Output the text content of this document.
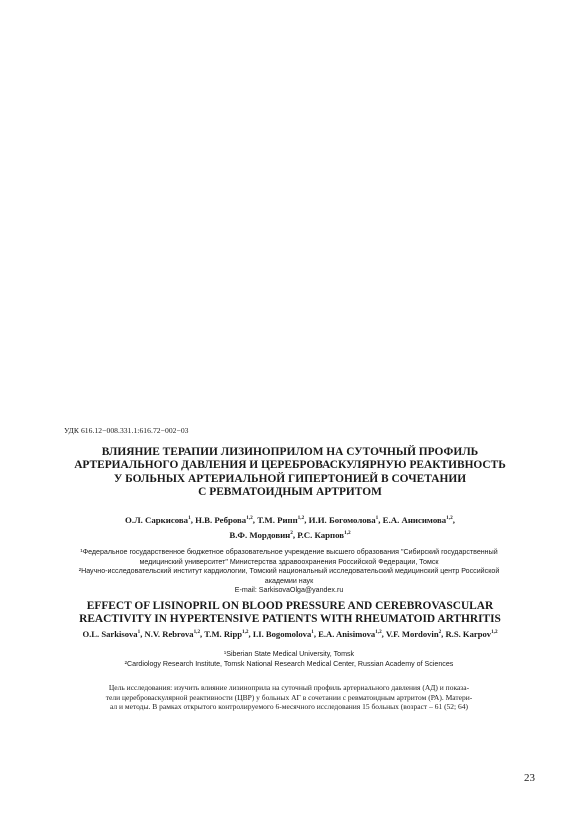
УДК 616.12−008.331.1:616.72−002−03
ВЛИЯНИЕ ТЕРАПИИ ЛИЗИНОПРИЛОМ НА СУТОЧНЫЙ ПРОФИЛЬ
АРТЕРИАЛЬНОГО ДАВЛЕНИЯ И ЦЕРЕБРОВАСКУЛЯРНУЮ РЕАКТИВНОСТЬ
У БОЛЬНЫХ АРТЕРИАЛЬНОЙ ГИПЕРТОНИЕЙ В СОЧЕТАНИИ
С РЕВМАТОИДНЫМ АРТРИТОМ
О.Л. Саркисова$^1$, Н.В. Реброва$^{1,2}$, Т.М. Рипп$^{1,2}$, И.И. Богомолова$^1$, Е.А. Анисимова$^{1,2}$,
В.Ф. Мордовин$^2$, Р.С. Карпов$^{1,2}$
¹Федеральное государственное бюджетное образовательное учреждение высшего образования "Сибирский государственный
медицинский университет" Министерства здравоохранения Российской Федерации, Томск
²Научно-исследовательский институт кардиологии, Томский национальный исследовательский медицинский центр Российской
академии наук
E-mail: SarkisovaOlga@yandex.ru
EFFECT OF LISINOPRIL ON BLOOD PRESSURE AND CEREBROVASCULAR
REACTIVITY IN HYPERTENSIVE PATIENTS WITH RHEUMATOID ARTHRITIS
O.L. Sarkisova$^1$, N.V. Rebrova$^{1,2}$, T.M. Ripp$^{1,2}$, I.I. Bogomolova$^1$, E.A. Anisimova$^{1,2}$, V.F. Mordovin$^2$, R.S. Karpov$^{1,2}$
¹Siberian State Medical University, Tomsk
²Cardiology Research Institute, Tomsk National Research Medical Center, Russian Academy of Sciences
Цель исследования: изучить влияние лизиноприла на суточный профиль артериального давления (АД) и показа-
тели цереброваскулярной реактивности (ЦВР) у больных АГ в сочетании с ревматоидным артритом (РА). Матери-
ал и методы. В рамках открытого контролируемого 6-месячного исследования 15 больных (возраст – 61 (52; 64)
23
